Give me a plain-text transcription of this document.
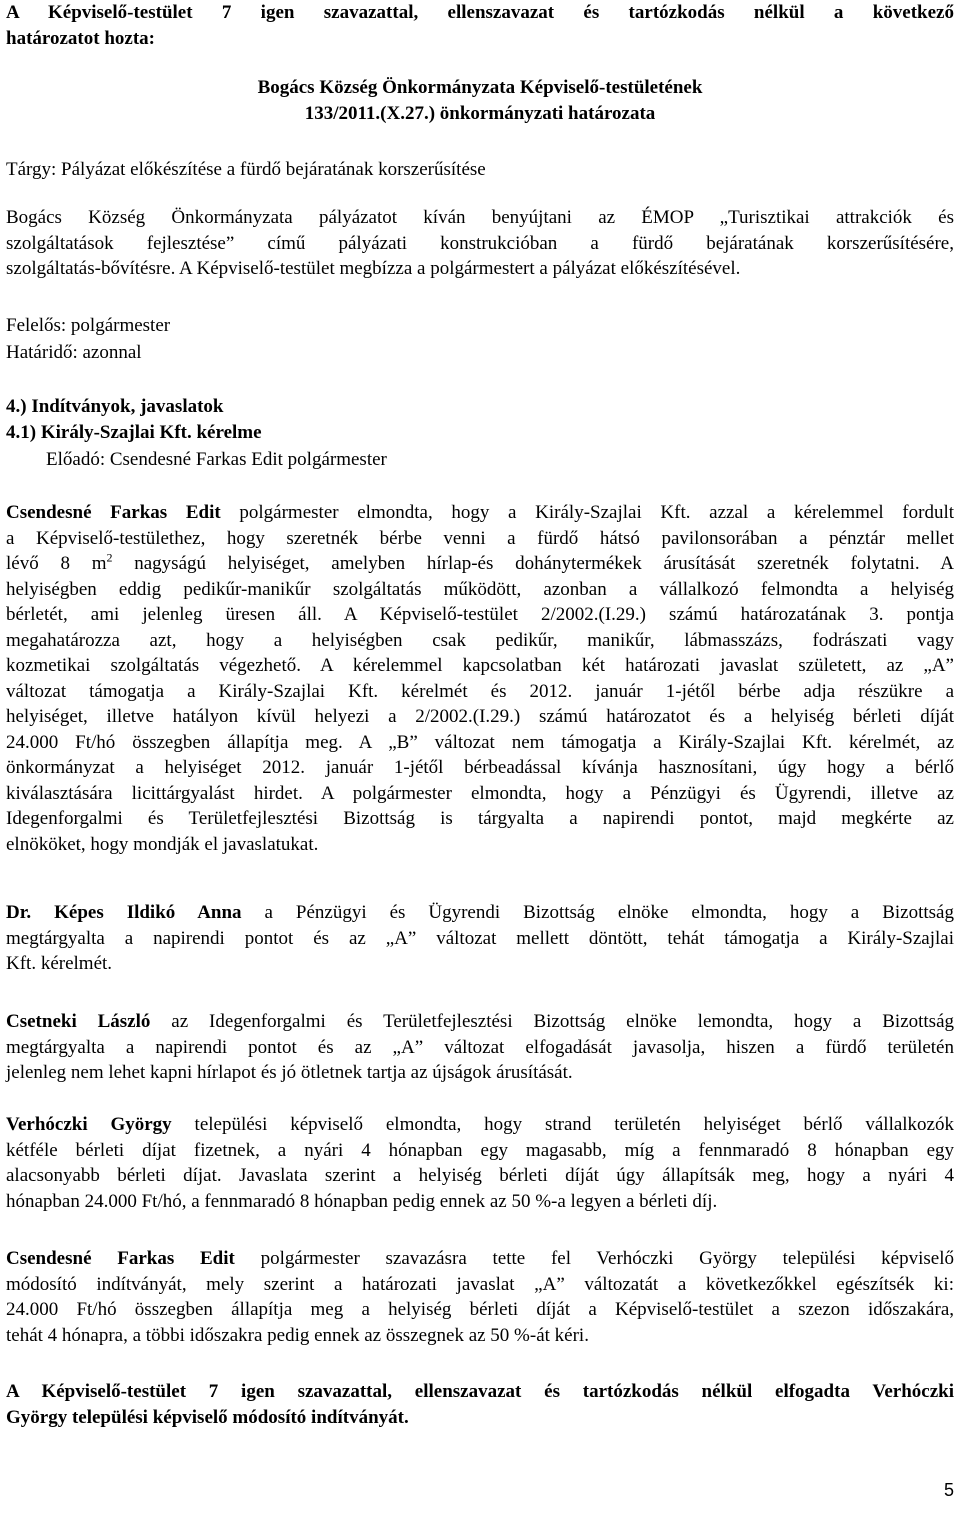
A Képviselő-testület 7 igen szavazattal, ellenszavazat és tartózkodás nélkül a következő
határozatot hozta:
Bogács Község Önkormányzata Képviselő-testületének
133/2011.(X.27.) önkormányzati határozata
Tárgy: Pályázat előkészítése a fürdő bejáratának korszerűsítése
Bogács Község Önkormányzata pályázatot kíván benyújtani az ÉMOP „Turisztikai attrakciók és
szolgáltatások fejlesztése” című pályázati konstrukcióban a fürdő bejáratának korszerűsítésére,
szolgáltatás-bővítésre. A Képviselő-testület megbízza a polgármestert a pályázat előkészítésével.
Felelős: polgármester
Határidő: azonnal
4.) Indítványok, javaslatok
4.1) Király-Szajlai Kft. kérelme
Előadó: Csendesné Farkas Edit polgármester
Csendesné Farkas Edit polgármester elmondta, hogy a Király-Szajlai Kft. azzal a kérelemmel fordult
a Képviselő-testülethez, hogy szeretnék bérbe venni a fürdő hátsó pavilonsorában a pénztár mellet
lévő 8 $m^2$ nagyságú helyiséget, amelyben hírlap-és dohánytermékek árusítását szeretnék folytatni. A
helyiségben eddig pedikűr-manikűr szolgáltatás működött, azonban a vállalkozó felmondta a helyiség
bérletét, ami jelenleg üresen áll. A Képviselő-testület 2/2002.(I.29.) számú határozatának 3. pontja
megahatározza azt, hogy a helyiségben csak pedikűr, manikűr, lábmasszázs, fodrászati vagy
kozmetikai szolgáltatás végezhető. A kérelemmel kapcsolatban két határozati javaslat született, az „A”
változat támogatja a Király-Szajlai Kft. kérelmét és 2012. január 1-jétől bérbe adja részükre a
helyiséget, illetve hatályon kívül helyezi a 2/2002.(I.29.) számú határozatot és a helyiség bérleti díját
24.000 Ft/hó összegben állapítja meg. A „B” változat nem támogatja a Király-Szajlai Kft. kérelmét, az
önkormányzat a helyiséget 2012. január 1-jétől bérbeadással kívánja hasznosítani, úgy hogy a bérlő
kiválasztására licittárgyalást hirdet. A polgármester elmondta, hogy a Pénzügyi és Ügyrendi, illetve az
Idegenforgalmi és Területfejlesztési Bizottság is tárgyalta a napirendi pontot, majd megkérte az
elnököket, hogy mondják el javaslatukat.
Dr. Képes Ildikó Anna a Pénzügyi és Ügyrendi Bizottság elnöke elmondta, hogy a Bizottság
megtárgyalta a napirendi pontot és az „A” változat mellett döntött, tehát támogatja a Király-Szajlai
Kft. kérelmét.
Csetneki László az Idegenforgalmi és Területfejlesztési Bizottság elnöke lemondta, hogy a Bizottság
megtárgyalta a napirendi pontot és az „A” változat elfogadását javasolja, hiszen a fürdő területén
jelenleg nem lehet kapni hírlapot és jó ötletnek tartja az újságok árusítását.
Verhóczki György települési képviselő elmondta, hogy strand területén helyiséget bérlő vállalkozók
kétféle bérleti díjat fizetnek, a nyári 4 hónapban egy magasabb, míg a fennmaradó 8 hónapban egy
alacsonyabb bérleti díjat. Javaslata szerint a helyiség bérleti díját úgy állapítsák meg, hogy a nyári 4
hónapban 24.000 Ft/hó, a fennmaradó 8 hónapban pedig ennek az 50 %-a legyen a bérleti díj.
Csendesné Farkas Edit polgármester szavazásra tette fel Verhóczki György települési képviselő
módosító indítványát, mely szerint a határozati javaslat „A” változatát a következőkkel egészítsék ki:
24.000 Ft/hó összegben állapítja meg a helyiség bérleti díját a Képviselő-testület a szezon időszakára,
tehát 4 hónapra, a többi időszakra pedig ennek az összegnek az 50 %-át kéri.
A Képviselő-testület 7 igen szavazattal, ellenszavazat és tartózkodás nélkül elfogadta Verhóczki
György települési képviselő módosító indítványát.
5
